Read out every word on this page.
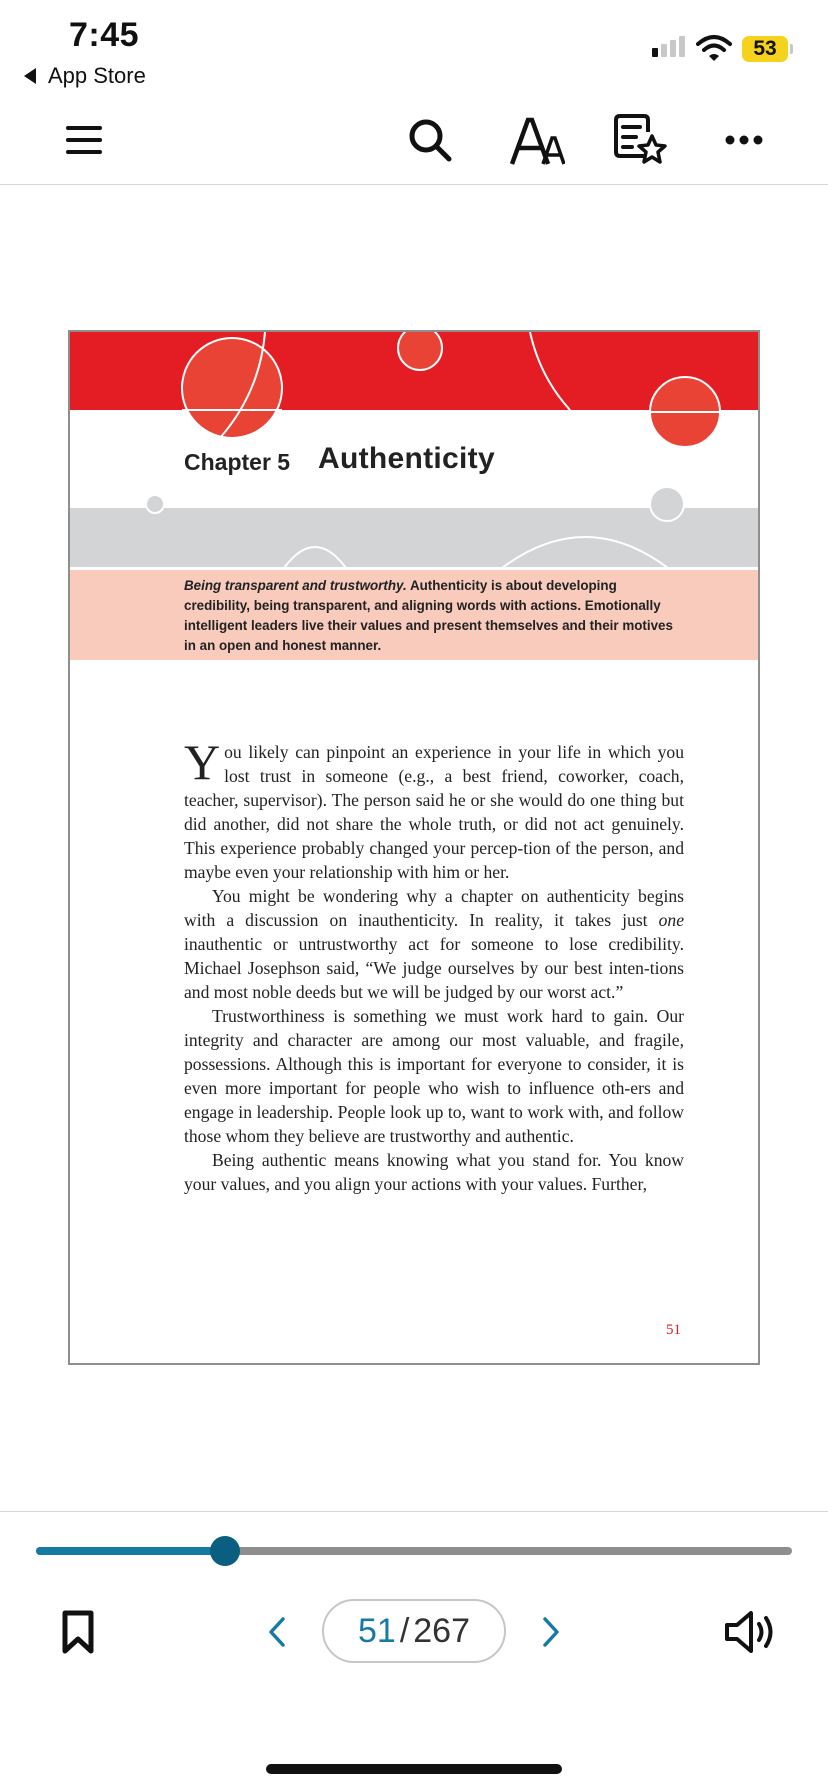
7:45
App Store
53
Chapter 5 Authenticity
Being transparent and trustworthy. Authenticity is about developing credibility, being transparent, and aligning words with actions. Emotionally intelligent leaders live their values and present themselves and their motives in an open and honest manner.

You likely can pinpoint an experience in your life in which you lost trust in someone (e.g., a best friend, coworker, coach, teacher, supervisor). The person said he or she would do one thing but did another, did not share the whole truth, or did not act genuinely. This experience probably changed your percep-tion of the person, and maybe even your relationship with him or her.

You might be wondering why a chapter on authenticity begins with a discussion on inauthenticity. In reality, it takes just one inauthentic or untrustworthy act for someone to lose credibility. Michael Josephson said, “We judge ourselves by our best inten-tions and most noble deeds but we will be judged by our worst act.”

Trustworthiness is something we must work hard to gain. Our integrity and character are among our most valuable, and fragile, possessions. Although this is important for everyone to consider, it is even more important for people who wish to influence oth-ers and engage in leadership. People look up to, want to work with, and follow those whom they believe are trustworthy and authentic.

Being authentic means knowing what you stand for. You know your values, and you align your actions with your values. Further,

51
51 / 267
